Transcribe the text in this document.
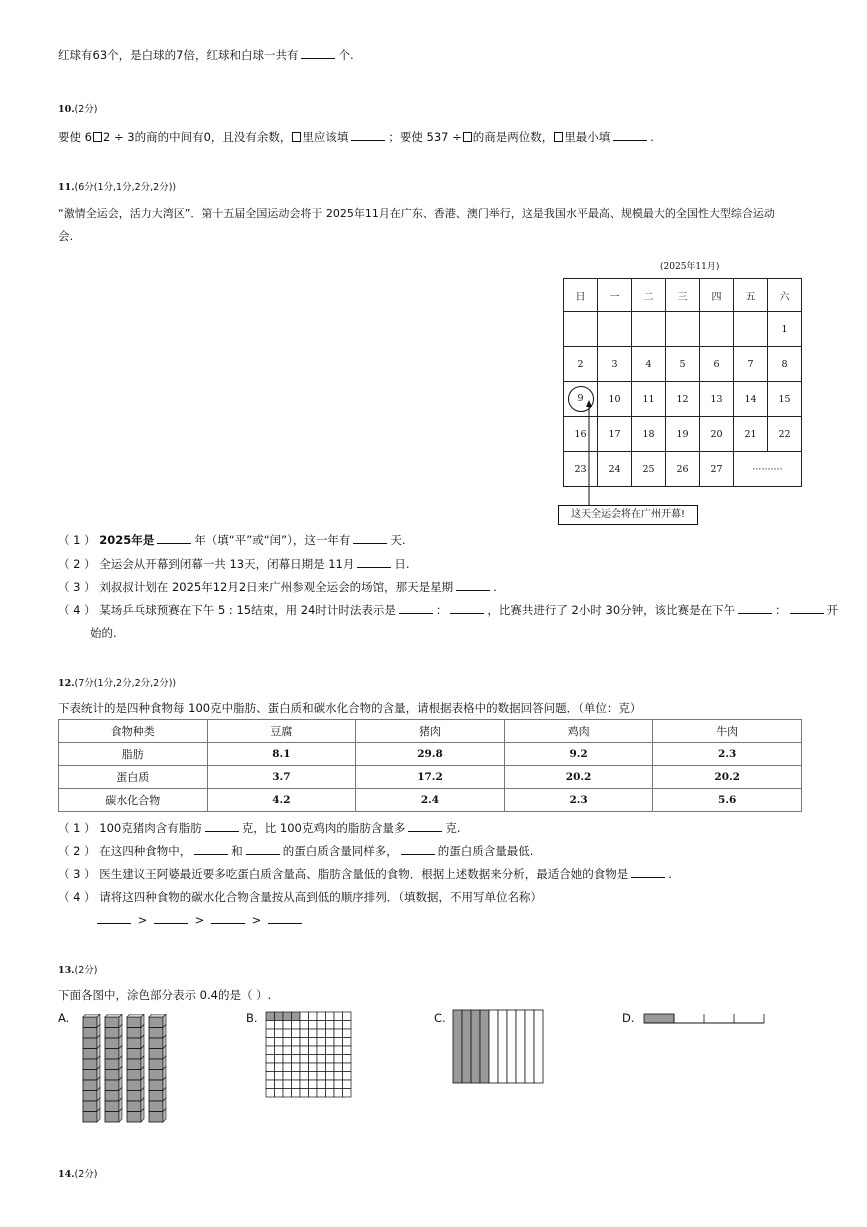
红球有63个，是白球的7倍，红球和白球一共有	个.
10.(2分)
要使 6 2 ÷ 3的商的中间有0，且没有余数， 里应该填	；要使 537 ÷ 的商是两位数， 里最小填	.
11.(6分(1分,1分,2分,2分))
“激情全运会，活力大湾区”．第十五届全国运动会将于 2025年11月在广东、香港、澳门举行，这是我国水平最高、规模最大的全国性大型综合运动
会.
(2025年11月)
日	一	二	三	四	五	六
						1
2	3	4	5	6	7	8
9	10	11	12	13	14	15
16	17	18	19	20	21	22
23	24	25	26	27	··········	
这天全运会将在广州开幕!
（ 1 ） 2025年是	年（填“平”或“闰”），这一年有	天.
（ 2 ） 全运会从开幕到闭幕一共 13天，闭幕日期是 11月	日.
（ 3 ） 刘叔叔计划在 2025年12月2日来广州参观全运会的场馆，那天是星期	.
（ 4 ） 某场乒乓球预赛在下午 5 : 15结束，用 24时计时法表示是	：	，比赛共进行了 2小时 30分钟，该比赛是在下午	：	开
始的.
12.(7分(1分,2分,2分,2分))
下表统计的是四种食物每 100克中脂肪、蛋白质和碳水化合物的含量，请根据表格中的数据回答问题．（单位：克）
食物种类	豆腐	猪肉	鸡肉	牛肉
脂肪	8.1	29.8	9.2	2.3
蛋白质	3.7	17.2	20.2	20.2
碳水化合物	4.2	2.4	2.3	5.6
（ 1 ） 100克猪肉含有脂肪	克，比 100克鸡肉的脂肪含量多	克.
（ 2 ） 在这四种食物中，	和	的蛋白质含量同样多，	的蛋白质含量最低.
（ 3 ） 医生建议王阿婆最近要多吃蛋白质含量高、脂肪含量低的食物．根据上述数据来分析，最适合她的食物是	.
（ 4 ） 请将这四种食物的碳水化合物含量按从高到低的顺序排列．（填数据，不用写单位名称）
>	>	>
13.(2分)
下面各图中，涂色部分表示 0.4的是（ ）.
A.	B.	C.	D.
14.(2分)
